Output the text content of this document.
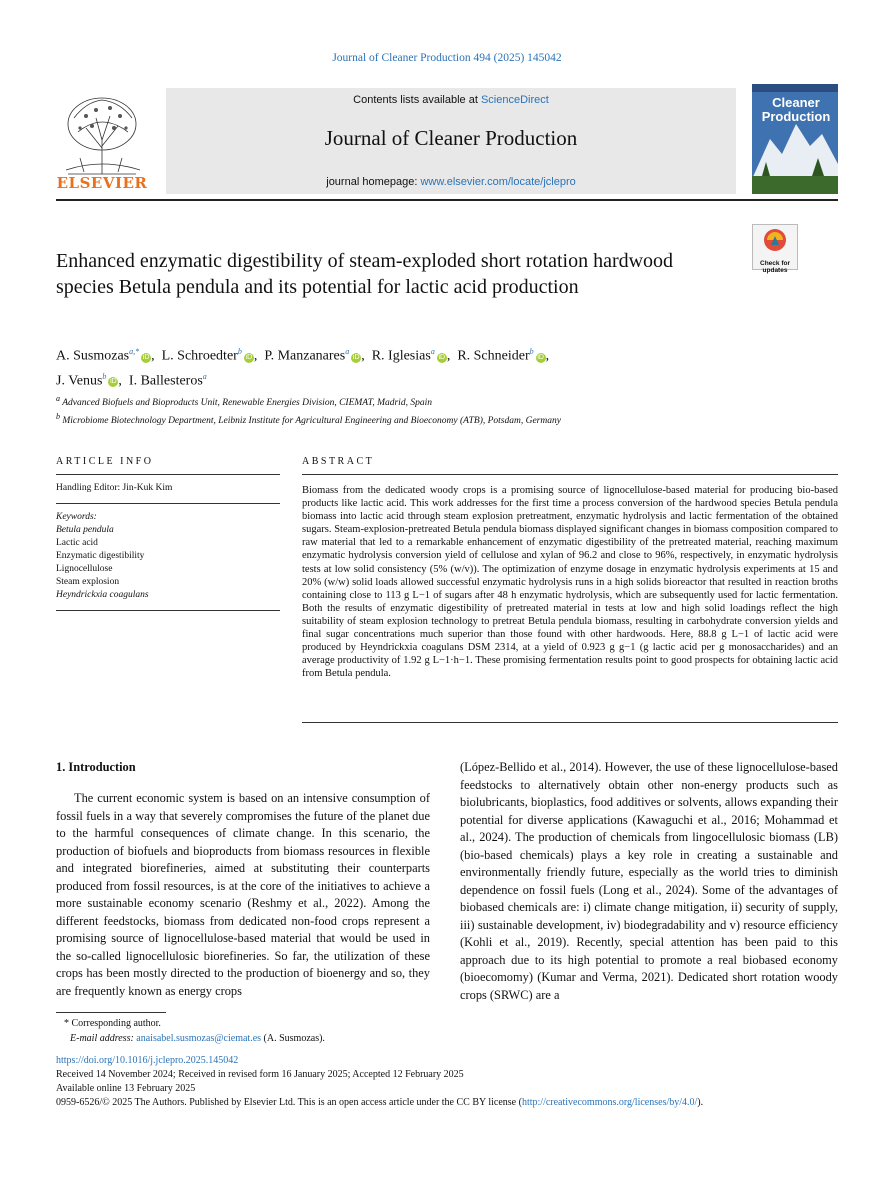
Journal of Cleaner Production 494 (2025) 145042
ELSEVIER
Contents lists available at ScienceDirect
Journal of Cleaner Production
journal homepage: www.elsevier.com/locate/jclepro
Cleaner
Production
Check for updates
Enhanced enzymatic digestibility of steam-exploded short rotation hardwood species Betula pendula and its potential for lactic acid production
A. Susmozas$^{a,*}$iD ,  L. Schroedter$^b$iD ,  P. Manzanares$^a$iD ,  R. Iglesias$^a$iD ,  R. Schneider$^b$iD ,
J. Venus$^b$iD ,  I. Ballesteros$^a$
$^a$ Advanced Biofuels and Bioproducts Unit, Renewable Energies Division, CIEMAT, Madrid, Spain
$^b$ Microbiome Biotechnology Department, Leibniz Institute for Agricultural Engineering and Bioeconomy (ATB), Potsdam, Germany
ARTICLE INFO
Handling Editor: Jin-Kuk Kim
Keywords:
Betula pendula
Lactic acid
Enzymatic digestibility
Lignocellulose
Steam explosion
Heyndrickxia coagulans
ABSTRACT
Biomass from the dedicated woody crops is a promising source of lignocellulose-based material for producing bio-based products like lactic acid. This work addresses for the first time a process conversion of the hardwood species Betula pendula biomass into lactic acid through steam explosion pretreatment, enzymatic hydrolysis and lactic fermentation of the obtained sugars. Steam-explosion-pretreated Betula pendula biomass displayed significant changes in biomass composition compared to raw material that led to a remarkable enhancement of enzymatic digestibility of the pretreated material, reaching maximum enzymatic hydrolysis conversion yield of cellulose and xylan of 96.2 and close to 96%, respectively, in enzymatic hydrolysis tests at low solid consistency (5% (w/v)). The optimization of enzyme dosage in enzymatic hydrolysis experiments at 15 and 20% (w/w) solid loads allowed successful enzymatic hydrolysis runs in a high solids bioreactor that resulted in reaction broths containing close to 113 g L−1 of sugars after 48 h enzymatic hydrolysis, which are subsequently used for lactic fermentation. Both the results of enzymatic digestibility of pretreated material in tests at low and high solid loadings reflect the high suitability of steam explosion technology to pretreat Betula pendula biomass, resulting in carbohydrate conversion yields and final sugar concentrations much superior than those found with other hardwoods. Here, 88.8 g L−1 of lactic acid were produced by Heyndrickxia coagulans DSM 2314, at a yield of 0.923 g g−1 (g lactic acid per g monosaccharides) and an average productivity of 1.92 g L−1·h−1. These promising fermentation results point to good prospects for obtaining lactic acid from Betula pendula.
1. Introduction

The current economic system is based on an intensive consumption of fossil fuels in a way that severely compromises the future of the planet due to the harmful consequences of climate change. In this scenario, the production of biofuels and bioproducts from biomass resources in flexible and integrated biorefineries, aimed at substituting their counterparts produced from fossil resources, is at the core of the initiatives to achieve a more sustainable economy scenario (Reshmy et al., 2022). Among the different feedstocks, biomass from dedicated non-food crops represent a promising source of lignocellulose-based material that would be used in the so-called lignocellulosic biorefineries. So far, the utilization of these crops has been mostly directed to the production of bioenergy and so, they are frequently known as energy crops

(López-Bellido et al., 2014). However, the use of these lignocellulose-based feedstocks to alternatively obtain other non-energy products such as biolubricants, bioplastics, food additives or solvents, allows expanding their potential for diverse applications (Kawaguchi et al., 2016; Mohammad et al., 2024). The production of chemicals from lingocellulosic biomass (LB) (bio-based chemicals) plays a key role in creating a sustainable and environmentally friendly future, especially as the world tries to diminish dependence on fossil fuels (Long et al., 2024). Some of the advantages of biobased chemicals are: i) climate change mitigation, ii) security of supply, iii) sustainable development, iv) biodegradability and v) resource efficiency (Kohli et al., 2019). Recently, special attention has been paid to this approach due to its high potential to promote a real biobased economy (bioecomomy) (Kumar and Verma, 2021). Dedicated short rotation woody crops (SRWC) are a

* Corresponding author.
E-mail address: anaisabel.susmozas@ciemat.es (A. Susmozas).
https://doi.org/10.1016/j.jclepro.2025.145042
Received 14 November 2024; Received in revised form 16 January 2025; Accepted 12 February 2025
Available online 13 February 2025
0959-6526/© 2025 The Authors. Published by Elsevier Ltd. This is an open access article under the CC BY license (http://creativecommons.org/licenses/by/4.0/).
